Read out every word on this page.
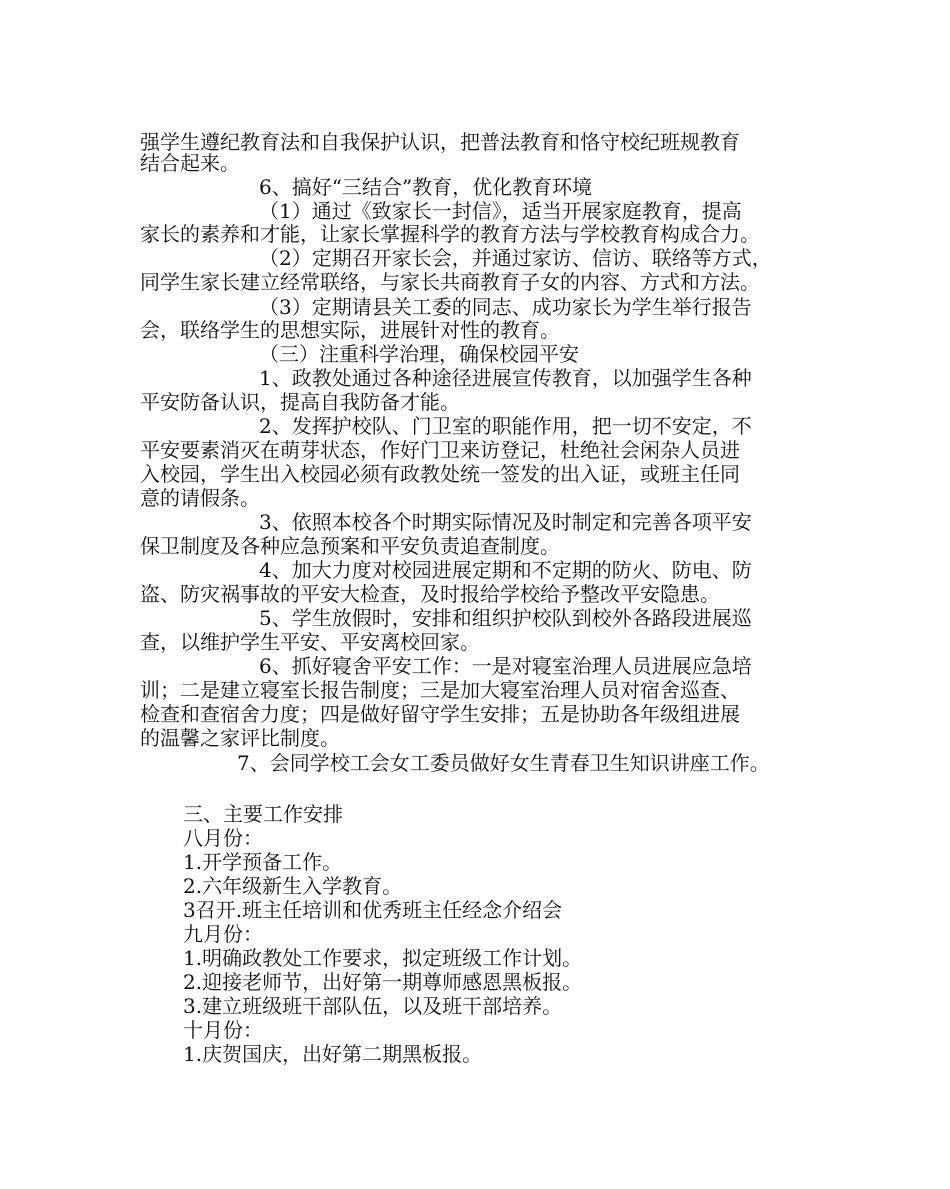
强学生遵纪教育法和自我保护认识，把普法教育和恪守校纪班规教育
结合起来。
6、搞好“三结合”教育，优化教育环境
（1）通过《致家长一封信》，适当开展家庭教育，提高
家长的素养和才能，让家长掌握科学的教育方法与学校教育构成合力。
（2）定期召开家长会，并通过家访、信访、联络等方式，
同学生家长建立经常联络，与家长共商教育子女的内容、方式和方法。
（3）定期请县关工委的同志、成功家长为学生举行报告
会，联络学生的思想实际，进展针对性的教育。
（三）注重科学治理，确保校园平安
1、政教处通过各种途径进展宣传教育，以加强学生各种
平安防备认识，提高自我防备才能。
2、发挥护校队、门卫室的职能作用，把一切不安定，不
平安要素消灭在萌芽状态，作好门卫来访登记，杜绝社会闲杂人员进
入校园，学生出入校园必须有政教处统一签发的出入证，或班主任同
意的请假条。
3、依照本校各个时期实际情况及时制定和完善各项平安
保卫制度及各种应急预案和平安负责追查制度。
4、加大力度对校园进展定期和不定期的防火、防电、防
盗、防灾祸事故的平安大检查，及时报给学校给予整改平安隐患。
5、学生放假时，安排和组织护校队到校外各路段进展巡
查，以维护学生平安、平安离校回家。
6、抓好寝舍平安工作：一是对寝室治理人员进展应急培
训；二是建立寝室长报告制度；三是加大寝室治理人员对宿舍巡查、
检查和查宿舍力度；四是做好留守学生安排；五是协助各年级组进展
的温馨之家评比制度。
7、会同学校工会女工委员做好女生青春卫生知识讲座工作。
三、主要工作安排
八月份：
1.开学预备工作。
2.六年级新生入学教育。
3召开.班主任培训和优秀班主任经念介绍会
九月份：
1.明确政教处工作要求，拟定班级工作计划。
2.迎接老师节，出好第一期尊师感恩黑板报。
3.建立班级班干部队伍，以及班干部培养。
十月份：
1.庆贺国庆，出好第二期黑板报。
